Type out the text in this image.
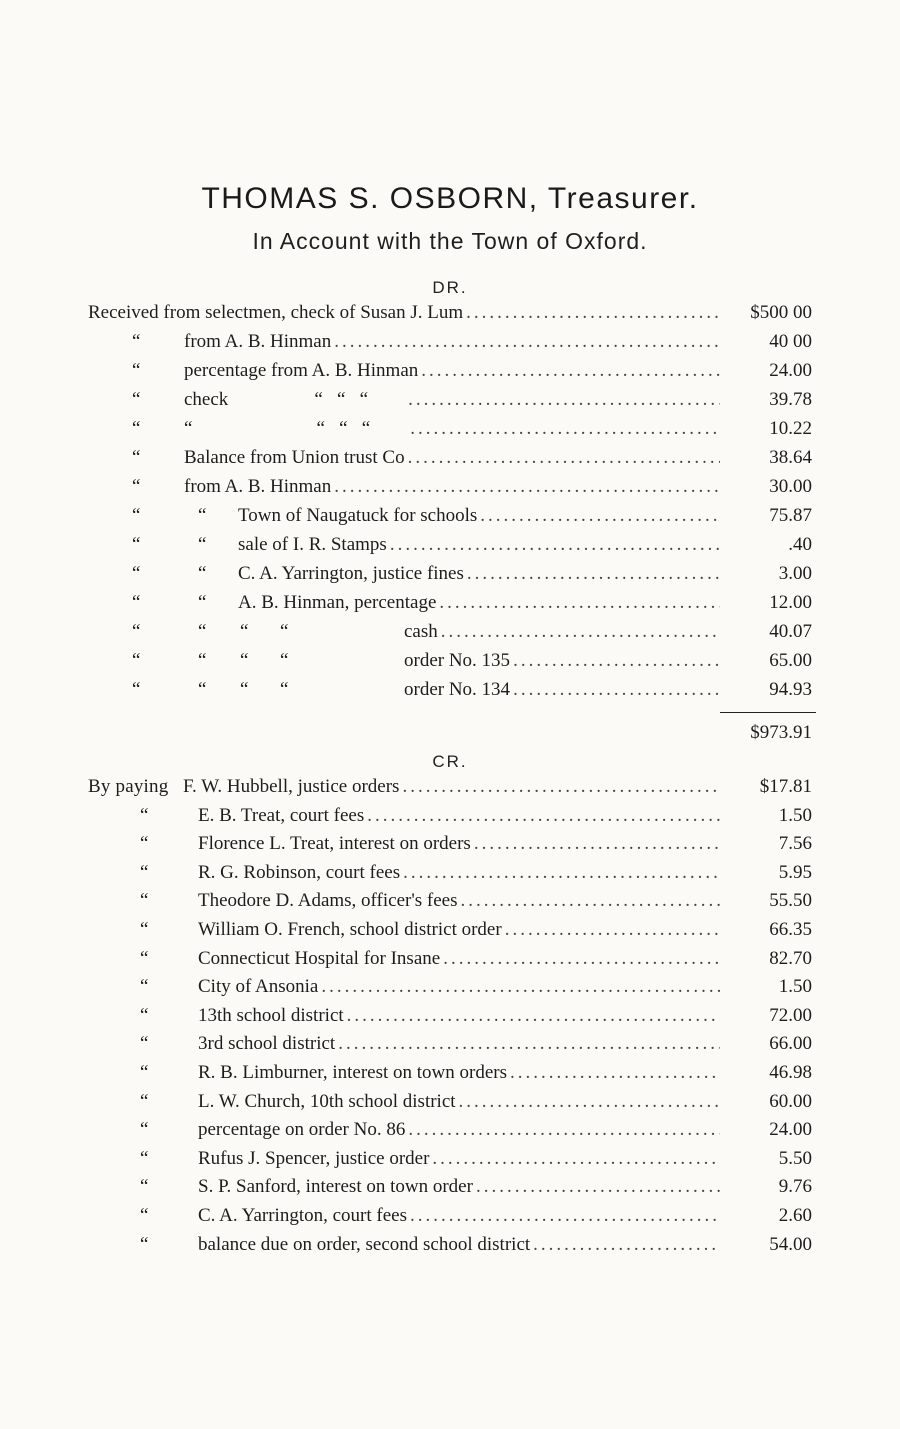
THOMAS S. OSBORN, Treasurer.
In Account with the Town of Oxford.
DR.
Received from selectmen, check of Susan J. Lum .....	$500 00
“ from A. B. Hinman .....	40 00
“ percentage from A. B. Hinman .....	24.00
“ check	“   “   “ .....	39.78
“ “	“   “   “ .....	10.22
“ Balance from Union trust Co .....	38.64
“ from A. B. Hinman .....	30.00
“	“ Town of Naugatuck for schools .....	75.87
“	“ sale of I. R. Stamps .....	.40
“	“ C. A. Yarrington, justice fines .....	3.00
“	“ A. B. Hinman, percentage .....	12.00
“	“ “ “	cash .....	40.07
“	“ “ “	order No. 135 .....	65.00
“	“ “ “	order No. 134 .....	94.93
$973.91
CR.
By paying F. W. Hubbell, justice orders .....	$17.81
“	E. B. Treat, court fees .....	1.50
“	Florence L. Treat, interest on orders .....	7.56
“	R. G. Robinson, court fees .....	5.95
“	Theodore D. Adams, officer's fees .....	55.50
“	William O. French, school district order .....	66.35
“	Connecticut Hospital for Insane .....	82.70
“	City of Ansonia .....	1.50
“	13th school district .....	72.00
“	3rd school district .....	66.00
“	R. B. Limburner, interest on town orders .....	46.98
“	L. W. Church, 10th school district .....	60.00
“	percentage on order No. 86 .....	24.00
“	Rufus J. Spencer, justice order .....	5.50
“	S. P. Sanford, interest on town order .....	9.76
“	C. A. Yarrington, court fees .....	2.60
“	balance due on order, second school district .....	54.00
